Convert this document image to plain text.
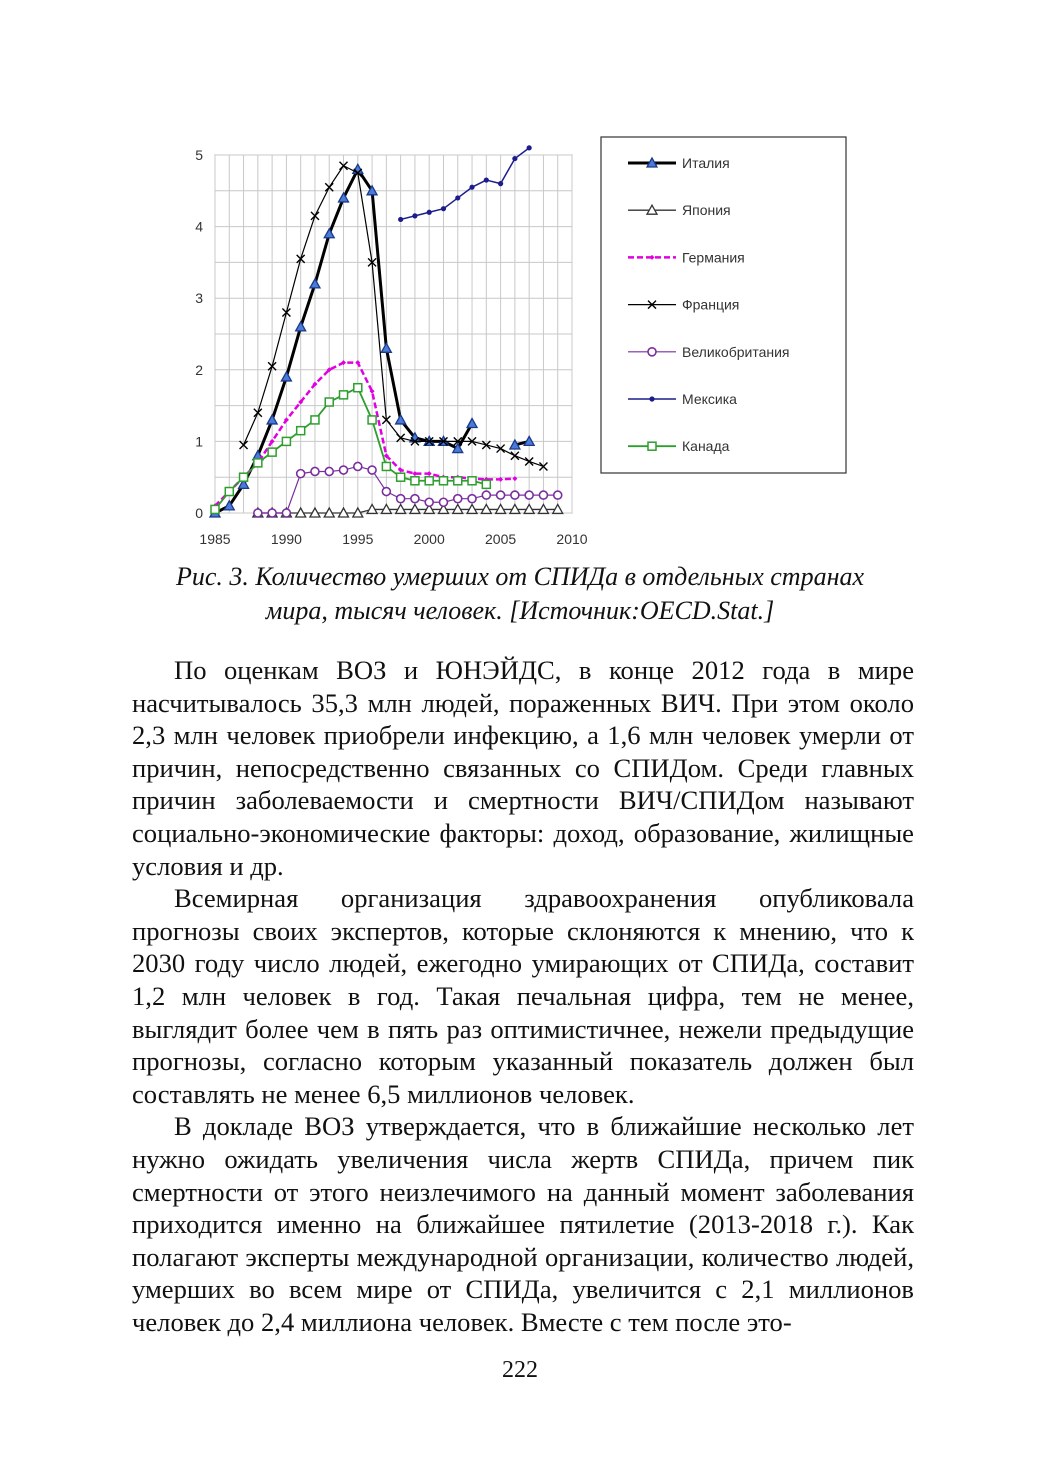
0
1
2
3
4
5
1985	1990	1995	2000	2005	2010
Италия
Япония
Германия
Франция
Великобритания
Мексика
Канада
Рис. 3. Количество умерших от СПИДа в отдельных странах
мира, тысяч человек. [Источник:OECD.Stat.]

По оценкам ВОЗ и ЮНЭЙДС, в конце 2012 года в мире насчитывалось 35,3 млн людей, пораженных ВИЧ. При этом около 2,3 млн человек приобрели инфекцию, а 1,6 млн человек умерли от причин, непосредственно связанных со СПИДом. Среди главных причин заболеваемости и смертности ВИЧ/СПИДом называют социально-экономические факторы: доход, образование, жилищные условия и др.

Всемирная организация здравоохранения опубликовала прогнозы своих экспертов, которые склоняются к мнению, что к 2030 году число людей, ежегодно умирающих от СПИДа, составит 1,2 млн человек в год. Такая печальная цифра, тем не менее, выглядит более чем в пять раз оптимистичнее, нежели предыдущие прогнозы, согласно которым указанный показатель должен был составлять не менее 6,5 миллионов человек.

В докладе ВОЗ утверждается, что в ближайшие несколько лет нужно ожидать увеличения числа жертв СПИДа, причем пик смертности от этого неизлечимого на данный момент заболевания приходится именно на ближайшее пятилетие (2013-2018 г.). Как полагают эксперты международной организации, количество людей, умерших во всем мире от СПИДа, увеличится с 2,1 миллионов человек до 2,4 миллиона человек. Вместе с тем после это-

222
